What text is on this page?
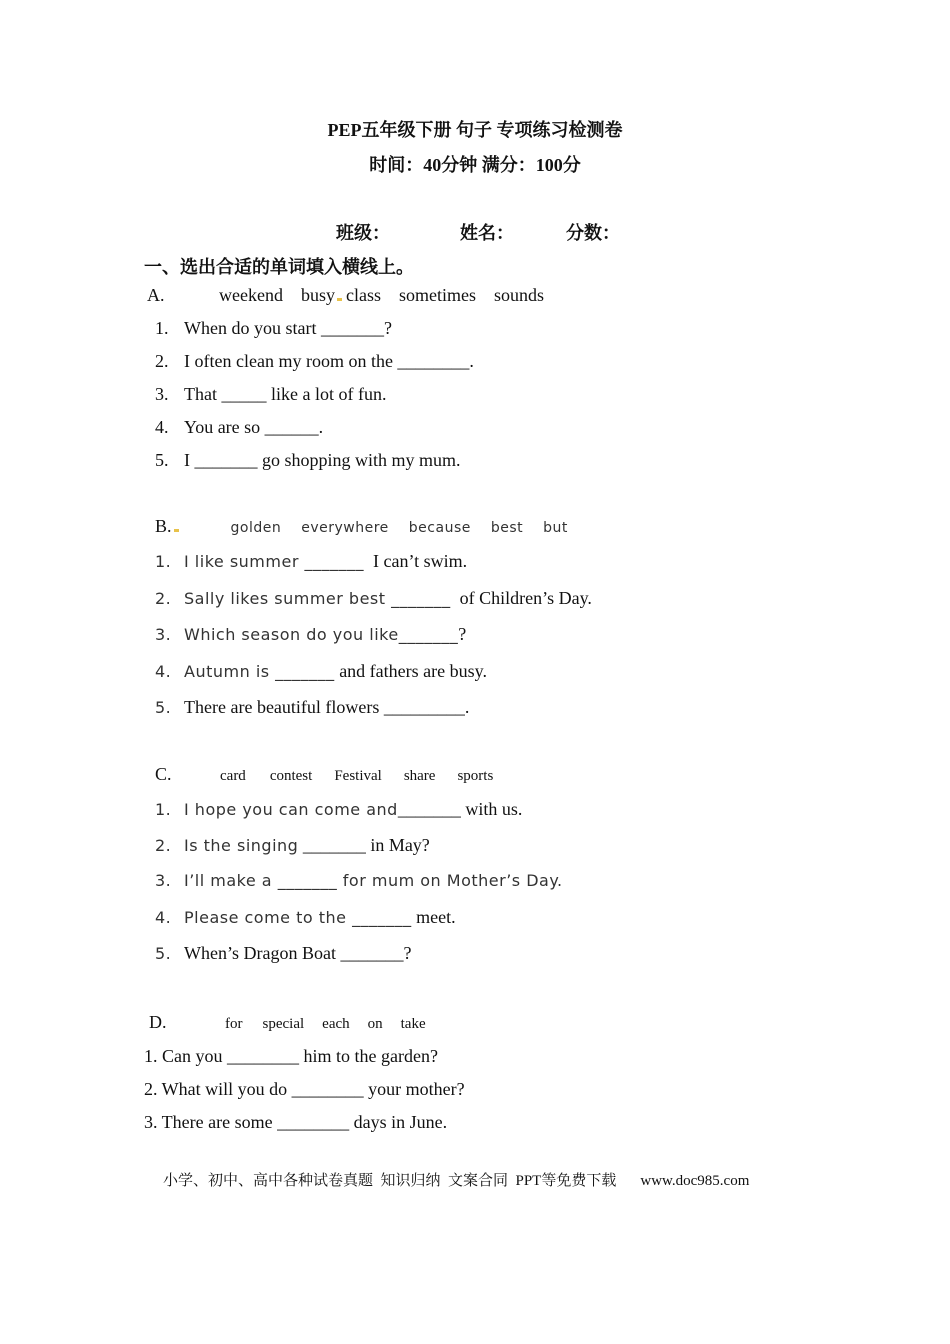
PEP五年级下册 句子 专项练习检测卷
时间：40分钟 满分：100分
班级：	姓名：	分数：
一、选出合适的单词填入横线上。
A.	weekend busy class sometimes sounds
1. When do you start _______?
2. I often clean my room on the ________.
3. That _____ like a lot of fun.
4. You are so ______.
5. I _______ go shopping with my mum.
B.	golden everywhere because best but
1. I like summer _______  I can’t swim.
2. Sally likes summer best _______  of Children’s Day.
3. Which season do you like_______?
4. Autumn is _______ and fathers are busy.
5. There are beautiful flowers _________.
C.	card contest Festival share sports
1. I hope you can come and_______ with us.
2. Is the singing _______ in May?
3. I’ll make a _______ for mum on Mother’s Day.
4. Please come to the _______ meet.
5. When’s Dragon Boat _______?
D.	for special each on take
1. Can you ________ him to the garden?
2. What will you do ________ your mother?
3. There are some ________ days in June.
小学、初中、高中各种试卷真题  知识归纳  文案合同  PPT等免费下载 www.doc985.com
